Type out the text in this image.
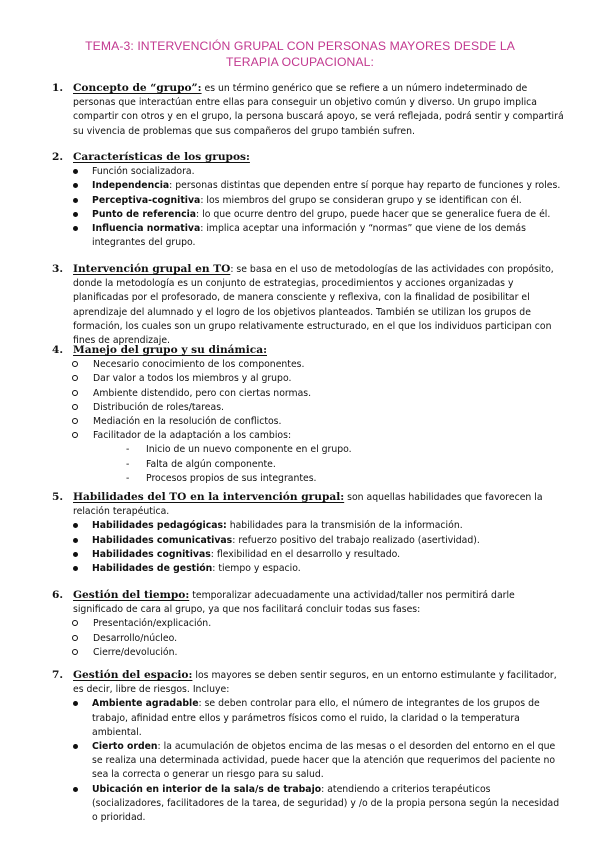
TEMA-3: INTERVENCIÓN GRUPAL CON PERSONAS MAYORES DESDE LA TERAPIA OCUPACIONAL:
1. Concepto de “grupo”: es un término genérico que se refiere a un número indeterminado de personas que interactúan entre ellas para conseguir un objetivo común y diverso. Un grupo implica compartir con otros y en el grupo, la persona buscará apoyo, se verá reflejada, podrá sentir y compartirá su vivencia de problemas que sus compañeros del grupo también sufren.
2. Características de los grupos:
Función socializadora.
Independencia: personas distintas que dependen entre sí porque hay reparto de funciones y roles.
Perceptiva-cognitiva: los miembros del grupo se consideran grupo y se identifican con él.
Punto de referencia: lo que ocurre dentro del grupo, puede hacer que se generalice fuera de él.
Influencia normativa: implica aceptar una información y “normas” que viene de los demás integrantes del grupo.
3. Intervención grupal en TO: se basa en el uso de metodologías de las actividades con propósito, donde la metodología es un conjunto de estrategias, procedimientos y acciones organizadas y planificadas por el profesorado, de manera consciente y reflexiva, con la finalidad de posibilitar el aprendizaje del alumnado y el logro de los objetivos planteados. También se utilizan los grupos de formación, los cuales son un grupo relativamente estructurado, en el que los individuos participan con fines de aprendizaje.
4. Manejo del grupo y su dinámica:
Necesario conocimiento de los componentes.
Dar valor a todos los miembros y al grupo.
Ambiente distendido, pero con ciertas normas.
Distribución de roles/tareas.
Mediación en la resolución de conflictos.
Facilitador de la adaptación a los cambios:
- Inicio de un nuevo componente en el grupo.
- Falta de algún componente.
- Procesos propios de sus integrantes.
5. Habilidades del TO en la intervención grupal: son aquellas habilidades que favorecen la relación terapéutica.
Habilidades pedagógicas: habilidades para la transmisión de la información.
Habilidades comunicativas: refuerzo positivo del trabajo realizado (asertividad).
Habilidades cognitivas: flexibilidad en el desarrollo y resultado.
Habilidades de gestión: tiempo y espacio.
6. Gestión del tiempo: temporalizar adecuadamente una actividad/taller nos permitirá darle significado de cara al grupo, ya que nos facilitará concluir todas sus fases:
Presentación/explicación.
Desarrollo/núcleo.
Cierre/devolución.
7. Gestión del espacio: los mayores se deben sentir seguros, en un entorno estimulante y facilitador, es decir, libre de riesgos. Incluye:
Ambiente agradable: se deben controlar para ello, el número de integrantes de los grupos de trabajo, afinidad entre ellos y parámetros físicos como el ruido, la claridad o la temperatura ambiental.
Cierto orden: la acumulación de objetos encima de las mesas o el desorden del entorno en el que se realiza una determinada actividad, puede hacer que la atención que requerimos del paciente no sea la correcta o generar un riesgo para su salud.
Ubicación en interior de la sala/s de trabajo: atendiendo a criterios terapéuticos (socializadores, facilitadores de la tarea, de seguridad) y /o de la propia persona según la necesidad o prioridad.
